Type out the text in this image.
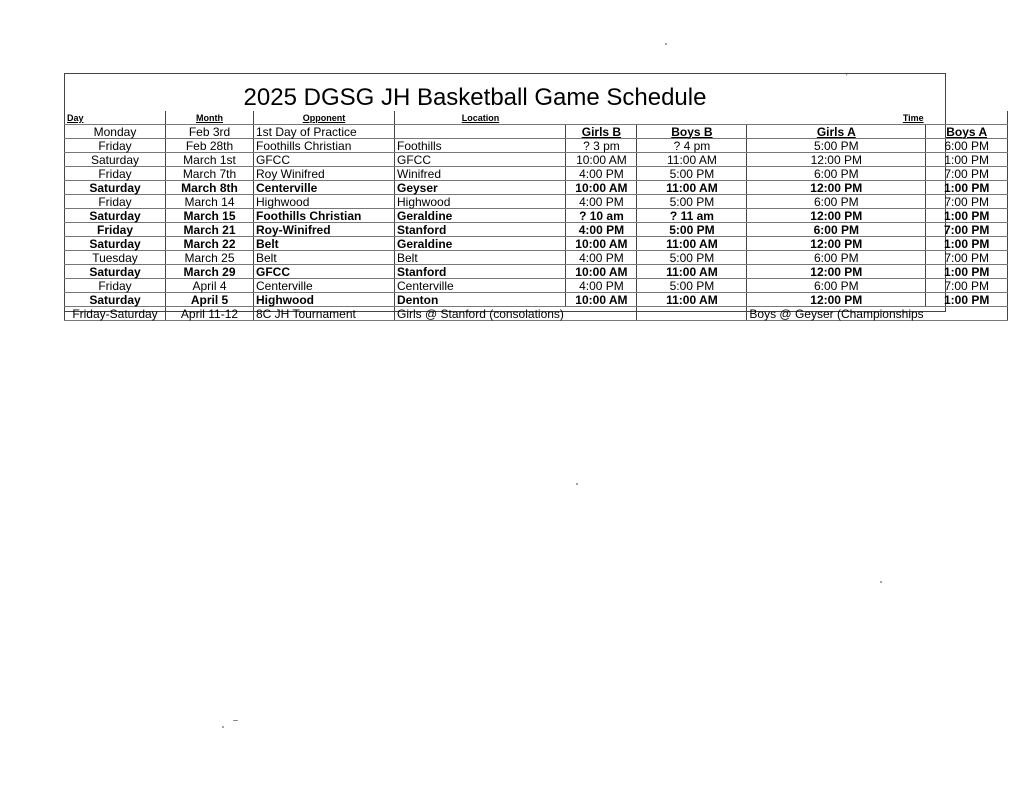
ˊ
2025 DGSG JH Basketball Game Schedule
Day	Month	Opponent	Location			Time	
Monday	Feb 3rd	1st Day of Practice		Girls B	Boys B	Girls A	Boys A
Friday	Feb 28th	Foothills Christian	Foothills	? 3 pm	? 4 pm	5:00 PM	6:00 PM
Saturday	March 1st	GFCC	GFCC	10:00 AM	11:00 AM	12:00 PM	1:00 PM
Friday	March 7th	Roy Winifred	Winifred	4:00 PM	5:00 PM	6:00 PM	7:00 PM
Saturday	March 8th	Centerville	Geyser	10:00 AM	11:00 AM	12:00 PM	1:00 PM
Friday	March 14	Highwood	Highwood	4:00 PM	5:00 PM	6:00 PM	7:00 PM
Saturday	March 15	Foothills Christian	Geraldine	? 10 am	? 11 am	12:00 PM	1:00 PM
Friday	March 21	Roy-Winifred	Stanford	4:00 PM	5:00 PM	6:00 PM	7:00 PM
Saturday	March 22	Belt	Geraldine	10:00 AM	11:00 AM	12:00 PM	1:00 PM
Tuesday	March 25	Belt	Belt	4:00 PM	5:00 PM	6:00 PM	7:00 PM
Saturday	March 29	GFCC	Stanford	10:00 AM	11:00 AM	12:00 PM	1:00 PM
Friday	April 4	Centerville	Centerville	4:00 PM	5:00 PM	6:00 PM	7:00 PM
Saturday	April 5	Highwood	Denton	10:00 AM	11:00 AM	12:00 PM	1:00 PM
Friday-Saturday	April 11-12	8C JH Tournament	Girls @ Stanford (consolations)			Boys @ Geyser (Championships	
